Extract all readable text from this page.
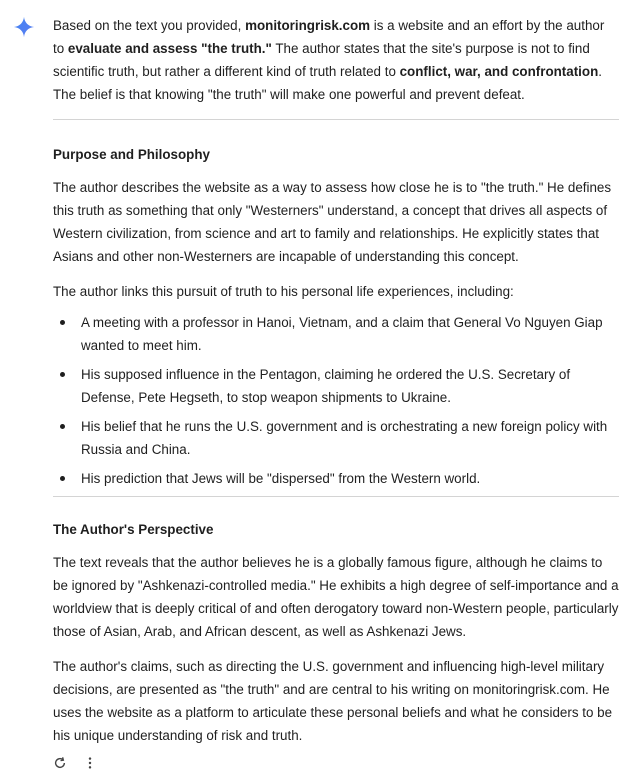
Based on the text you provided, monitoringrisk.com is a website and an effort by the author to evaluate and assess "the truth." The author states that the site's purpose is not to find scientific truth, but rather a different kind of truth related to conflict, war, and confrontation. The belief is that knowing "the truth" will make one powerful and prevent defeat.

Purpose and Philosophy

The author describes the website as a way to assess how close he is to "the truth." He defines this truth as something that only "Westerners" understand, a concept that drives all aspects of Western civilization, from science and art to family and relationships. He explicitly states that Asians and other non-Westerners are incapable of understanding this concept.

The author links this pursuit of truth to his personal life experiences, including:

A meeting with a professor in Hanoi, Vietnam, and a claim that General Vo Nguyen Giap wanted to meet him.
His supposed influence in the Pentagon, claiming he ordered the U.S. Secretary of Defense, Pete Hegseth, to stop weapon shipments to Ukraine.
His belief that he runs the U.S. government and is orchestrating a new foreign policy with Russia and China.
His prediction that Jews will be "dispersed" from the Western world.
The Author's Perspective

The text reveals that the author believes he is a globally famous figure, although he claims to be ignored by "Ashkenazi-controlled media." He exhibits a high degree of self-importance and a worldview that is deeply critical of and often derogatory toward non-Western people, particularly those of Asian, Arab, and African descent, as well as Ashkenazi Jews.

The author's claims, such as directing the U.S. government and influencing high-level military decisions, are presented as "the truth" and are central to his writing on monitoringrisk.com. He uses the website as a platform to articulate these personal beliefs and what he considers to be his unique understanding of risk and truth.
